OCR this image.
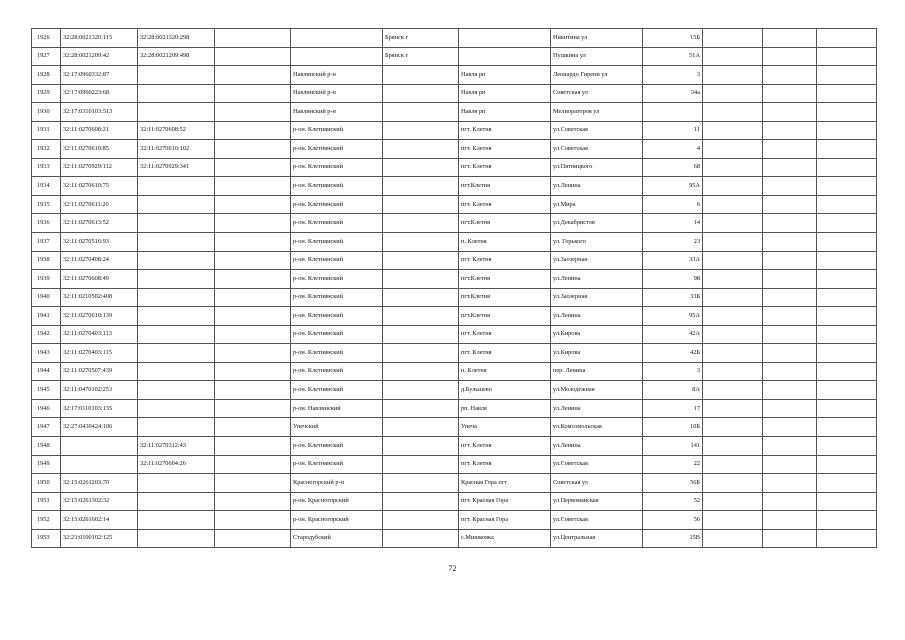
1926	32:28:0021320:115	32:28:0021320:298			Брянск г		Никитина ул	15Б			
1927	32:28:0021209:42	32:28:0021209:498			Брянск г		Пушкина ул	51А			
1928	32:17:0960332:87			Навлинский р-н		Навля рп	Леонардо Гирени ул	3			
1929	32:17:0960223:68			Навлинский р-н		Навля рп	Советская ул	34а			
1930	32:17:0310103:513			Навлинский р-н		Навля рп	Мелиораторов ул				
1931	32:11:0270608:21	32:11:0270608:52		р-он. Клетнянский		пгт. Клетня	ул.Советская	11			
1932	32:11:0270610:85	32:11:0270610:102		р-он. Клетнянский		пгт. Клетня	ул.Советская	4			
1933	32:11:0270929:112	32:11:0270929:341		р-он. Клетнянский		пгт. Клетня	ул.Пятницкого	68			
1934	32:11:0270610:75			р-он. Клетнянский		пгт.Клетня	ул.Ленина	95А			
1935	32:11:0270611:20			р-он. Клетнянский		пгт. Клетня	ул.Мира	6			
1936	32:11:0270613:52			р-он. Клетнянский		пгт.Клетня	ул.Декабристов	14			
1937	32:11:0270516:93			р-он. Клетнянский		п. Клетня	ул. Горького	23			
1938	32:11:0270408:24			р-он. Клетнянский		пгт. Клетня	ул.Заозерная	33А			
1939	32:11:0270608:49			р-он. Клетнянский		пгт.Клетня	ул.Ленина	98			
1940	32:11:0210502:408			р-он. Клетнянский		пгт.Клетня	ул.Заозерная	33Б			
1941	32:11:0270610:139			р-он. Клетнянский		пгт.Клетня	ул.Ленина	95А			
1942	32:11:0270403:113			р-он. Клетнянский		пгт. Клетня	ул.Кирова	42А			
1943	32:11:0270403:115			р-он. Клетнянский		пгт. Клетня	ул.Кирова	42Б			
1944	32:11:0270507:439			р-он. Клетнянский		п. Клетня	пер. Ленина	3			
1945	32:11:0470102:253			р-он. Клетнянский		д.Бульшево	ул.Молодежная	8А			
1946	32:17:0110103:135			р-он. Навлинский		рп. Навля	ул.Ленина	17			
1947	32:27:0430424:106			Унечский		Унеча	ул.Комсомольская	10Б			
1948		32:11:0270312:43		р-он. Клетнянский		пгт. Клетня	ул.Ленина	141			
1949		32:11:0270604:26		р-он. Клетнянский		пгт. Клетня	ул.Советская	22			
1950	32:15:0261203:70			Красногорский р-н		Красная Гора пгт	Советская ул	56Б			
1951	32:15:0261302:32			р-он. Красногорский		пгт. Красная Гора	ул.Первомайская	52			
1952	32:15:0261602:14			р-он. Красногорский		пгт. Красная Гора	ул.Советская	56			
1953	32:23:0100102:125			Стародубский		с.Мишковка	ул.Центральная	15В			
72
